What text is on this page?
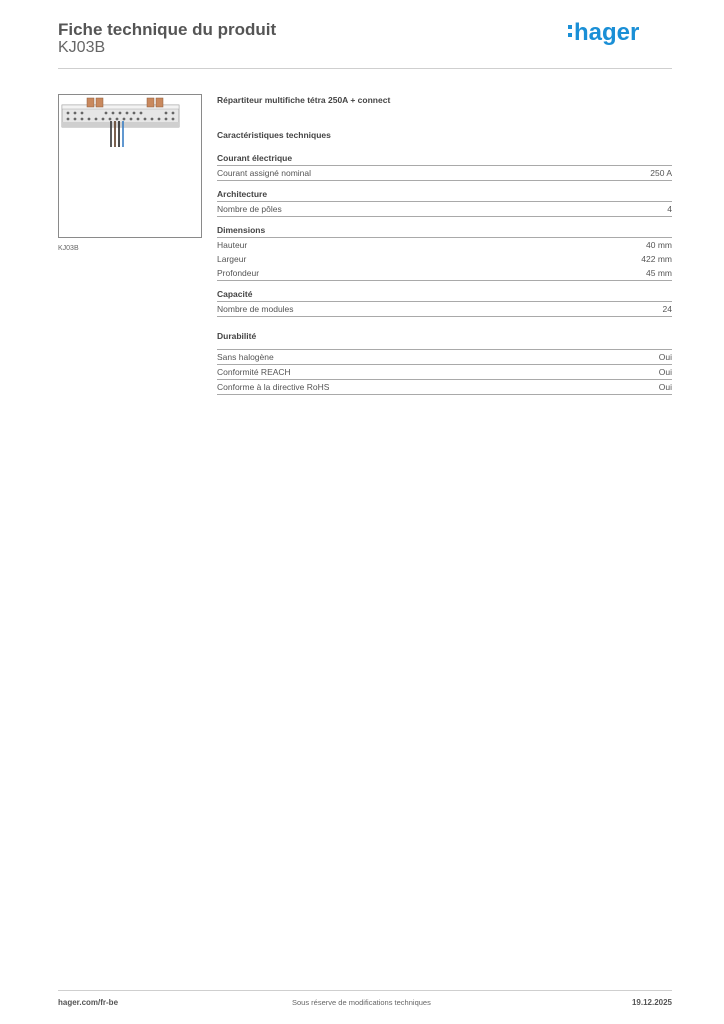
Fiche technique du produit
KJ03B
hager
KJ03B
Répartiteur multifiche tétra 250A + connect
Caractéristiques techniques
Courant électrique
Courant assigné nominal	250 A
Architecture
Nombre de pôles	4
Dimensions
Hauteur	40 mm
Largeur	422 mm
Profondeur	45 mm
Capacité
Nombre de modules	24
Durabilité
Sans halogène	Oui
Conformité REACH	Oui
Conforme à la directive RoHS	Oui
hager.com/fr-be	Sous réserve de modifications techniques	19.12.2025
